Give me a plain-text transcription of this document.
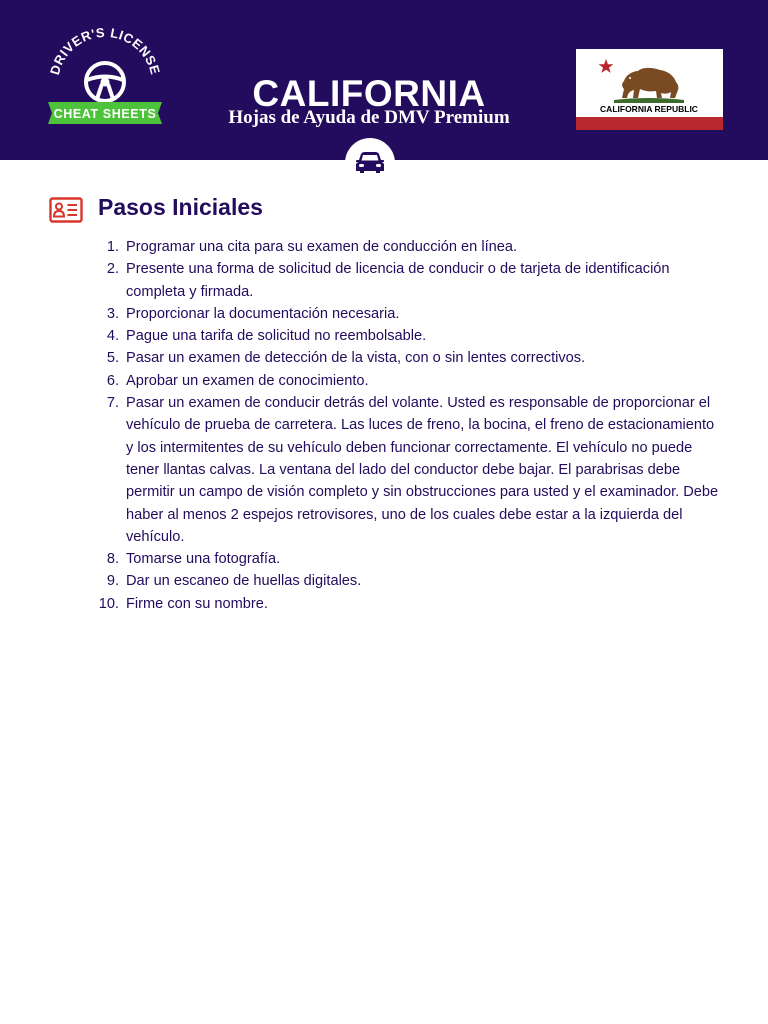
DRIVER'S LICENSE
CHEAT SHEETS	CALIFORNIA
Hojas de Ayuda de DMV Premium	CALIFORNIA REPUBLIC
Pasos Iniciales
1. Programar una cita para su examen de conducción en línea.
2. Presente una forma de solicitud de licencia de conducir o de tarjeta de identificación completa y firmada.
3. Proporcionar la documentación necesaria.
4. Pague una tarifa de solicitud no reembolsable.
5. Pasar un examen de detección de la vista, con o sin lentes correctivos.
6. Aprobar un examen de conocimiento.
7. Pasar un examen de conducir detrás del volante. Usted es responsable de proporcionar el vehículo de prueba de carretera. Las luces de freno, la bocina, el freno de estacionamiento y los intermitentes de su vehículo deben funcionar correctamente. El vehículo no puede tener llantas calvas. La ventana del lado del conductor debe bajar. El parabrisas debe permitir un campo de visión completo y sin obstrucciones para usted y el examinador. Debe haber al menos 2 espejos retrovisores, uno de los cuales debe estar a la izquierda del vehículo.
8. Tomarse una fotografía.
9. Dar un escaneo de huellas digitales.
10. Firme con su nombre.
